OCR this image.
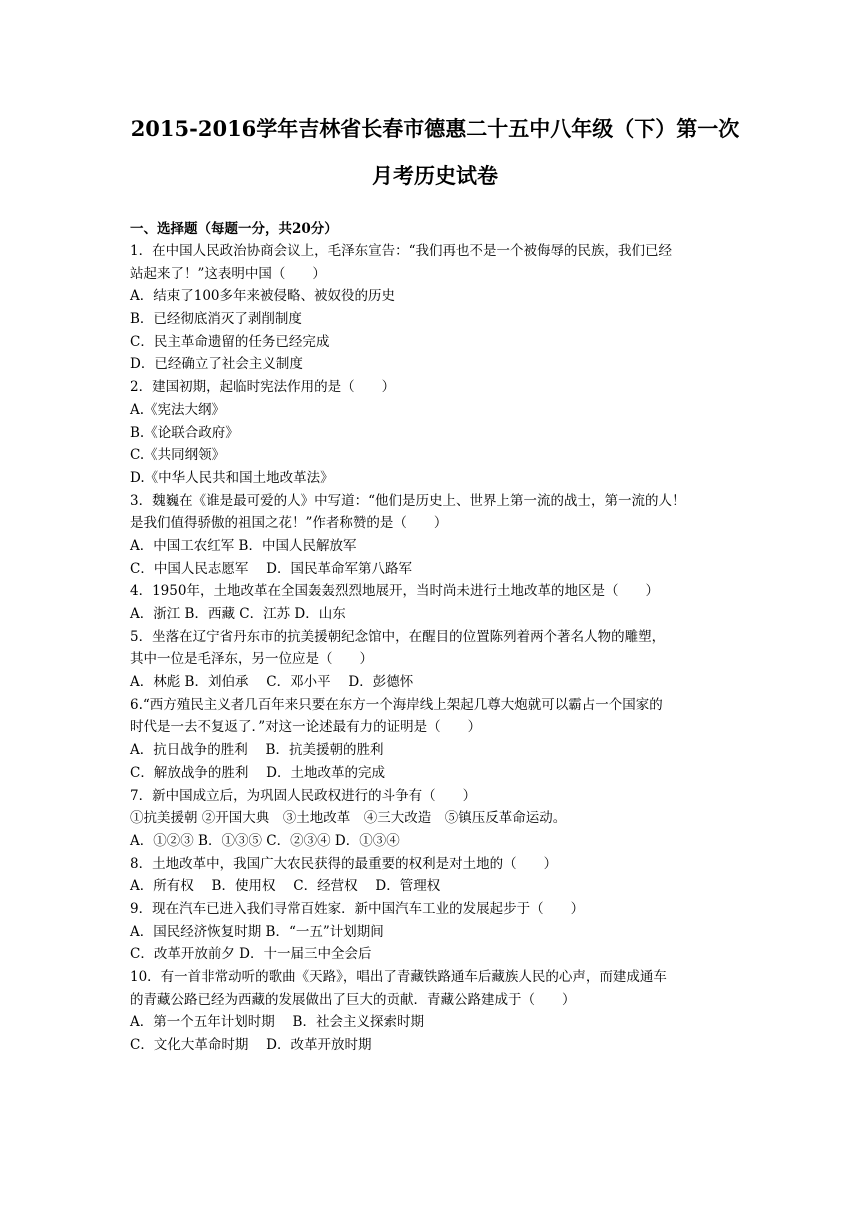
2015-2016学年吉林省长春市德惠二十五中八年级（下）第一次
月考历史试卷
一、选择题（每题一分，共20分）
1．在中国人民政治协商会议上，毛泽东宣告：“我们再也不是一个被侮辱的民族，我们已经
站起来了！”这表明中国（　　）
A．结束了100多年来被侵略、被奴役的历史
B．已经彻底消灭了剥削制度
C．民主革命遗留的任务已经完成
D．已经确立了社会主义制度
2．建国初期，起临时宪法作用的是（　　）
A.《宪法大纲》
B.《论联合政府》
C.《共同纲领》
D.《中华人民共和国土地改革法》
3．魏巍在《谁是最可爱的人》中写道：“他们是历史上、世界上第一流的战士，第一流的人！
是我们值得骄傲的祖国之花！”作者称赞的是（　　）
A．中国工农红军 B．中国人民解放军
C．中国人民志愿军　 D．国民革命军第八路军
4．1950年，土地改革在全国轰轰烈烈地展开，当时尚未进行土地改革的地区是（　　）
A．浙江 B．西藏 C．江苏 D．山东
5．坐落在辽宁省丹东市的抗美援朝纪念馆中，在醒目的位置陈列着两个著名人物的雕塑，
其中一位是毛泽东，另一位应是（　　）
A．林彪 B．刘伯承　 C．邓小平　 D．彭德怀
6.“西方殖民主义者几百年来只要在东方一个海岸线上架起几尊大炮就可以霸占一个国家的
时代是一去不复返了．”对这一论述最有力的证明是（　　）
A．抗日战争的胜利　 B．抗美援朝的胜利
C．解放战争的胜利　 D．土地改革的完成
7．新中国成立后，为巩固人民政权进行的斗争有（　　）
①抗美援朝 ②开国大典　③土地改革　④三大改造　⑤镇压反革命运动。
A．①②③ B．①③⑤ C．②③④ D．①③④
8．土地改革中，我国广大农民获得的最重要的权利是对土地的（　　）
A．所有权　 B．使用权　 C．经营权　 D．管理权
9．现在汽车已进入我们寻常百姓家．新中国汽车工业的发展起步于（　　）
A．国民经济恢复时期 B．“一五”计划期间
C．改革开放前夕 D．十一届三中全会后
10．有一首非常动听的歌曲《天路》，唱出了青藏铁路通车后藏族人民的心声，而建成通车
的青藏公路已经为西藏的发展做出了巨大的贡献．青藏公路建成于（　　）
A．第一个五年计划时期　 B．社会主义探索时期
C．文化大革命时期　 D．改革开放时期
